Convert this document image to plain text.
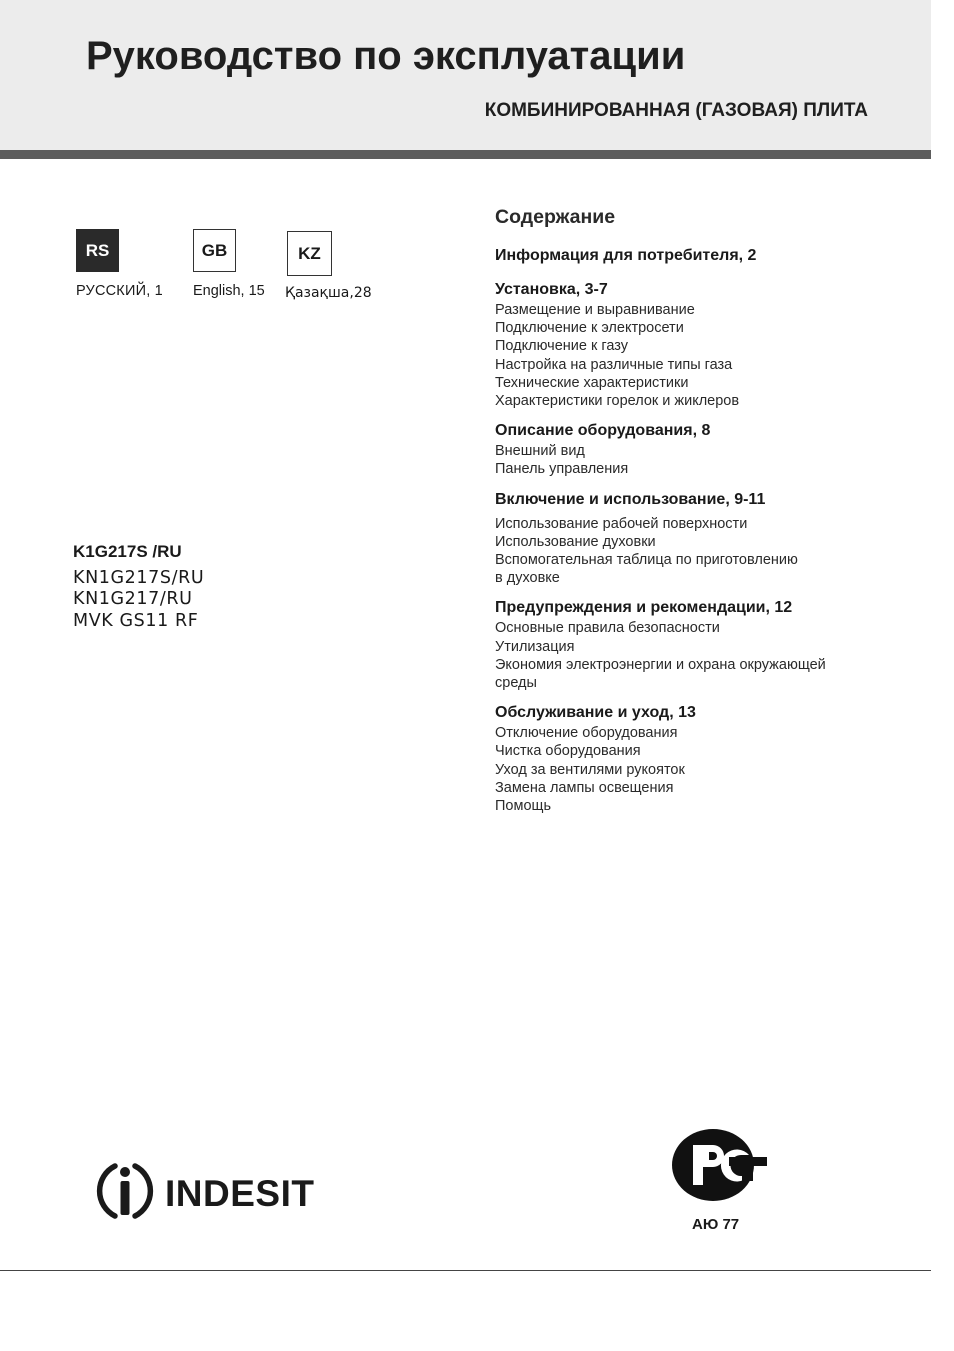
Руководство по эксплуатации
КОМБИНИРОВАННАЯ (ГАЗОВАЯ) ПЛИТА
RS	GB	KZ
РУССКИЙ, 1 English, 15 Қазақша,28
K1G217S /RU
KN1G217S/RU
KN1G217/RU
MVK GS11 RF
Содержание
Информация для потребителя, 2
Установка, 3-7
Размещение и выравнивание
Подключение к электросети
Подключение к газу
Настройка на различные типы газа
Технические характеристики
Характеристики горелок и жиклеров
Описание оборудования, 8
Внешний вид
Панель управления
Включение и использование, 9-11
Использование рабочей поверхности
Использование духовки
Вспомогательная таблица по приготовлению
в духовке
Предупреждения и рекомендации, 12
Основные правила безопасности
Утилизация
Экономия электроэнергии и охрана окружающей
среды
Обслуживание и уход, 13
Отключение оборудования
Чистка оборудования
Уход за вентилями рукояток
Замена лампы освещения
Помощь
INDESIT
АЮ 77
